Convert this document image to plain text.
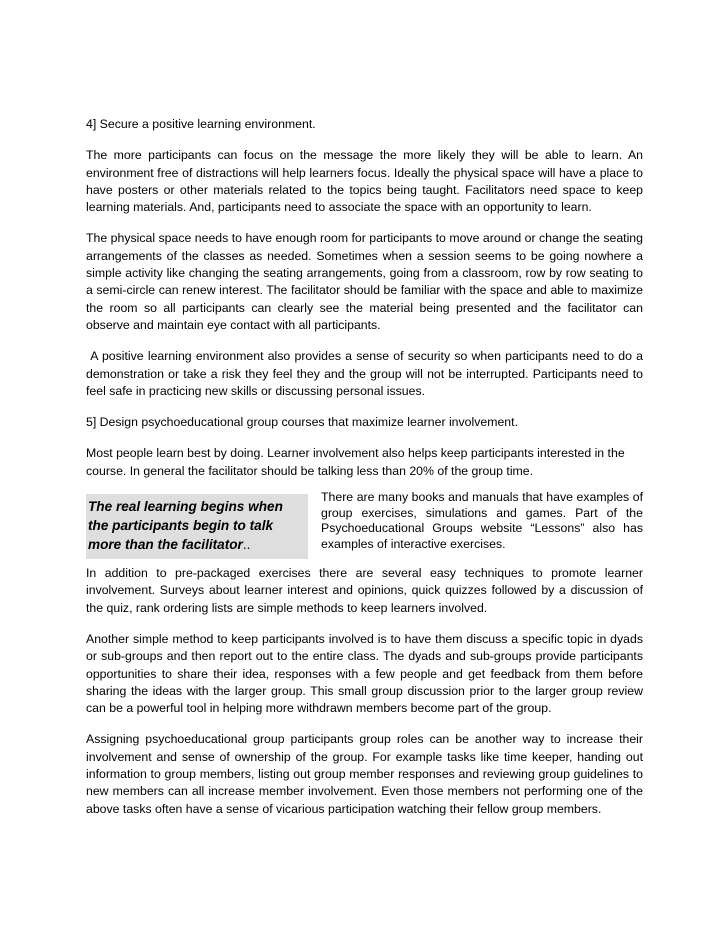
4] Secure a positive learning environment.

The more participants can focus on the message the more likely they will be able to learn. An environment free of distractions will help learners focus. Ideally the physical space will have a place to have posters or other materials related to the topics being taught. Facilitators need space to keep learning materials. And, participants need to associate the space with an opportunity to learn.

The physical space needs to have enough room for participants to move around or change the seating arrangements of the classes as needed. Sometimes when a session seems to be going nowhere a simple activity like changing the seating arrangements, going from a classroom, row by row seating to a semi-circle can renew interest. The facilitator should be familiar with the space and able to maximize the room so all participants can clearly see the material being presented and the facilitator can observe and maintain eye contact with all participants.

A positive learning environment also provides a sense of security so when participants need to do a demonstration or take a risk they feel they and the group will not be interrupted. Participants need to feel safe in practicing new skills or discussing personal issues.

5] Design psychoeducational group courses that maximize learner involvement.

Most people learn best by doing. Learner involvement also helps keep participants interested in the course. In general the facilitator should be talking less than 20% of the group time.

The real learning begins when the participants begin to talk more than the facilitator..

There are many books and manuals that have examples of group exercises, simulations and games. Part of the Psychoeducational Groups website “Lessons” also has examples of interactive exercises.

In addition to pre-packaged exercises there are several easy techniques to promote learner involvement. Surveys about learner interest and opinions, quick quizzes followed by a discussion of the quiz, rank ordering lists are simple methods to keep learners involved.

Another simple method to keep participants involved is to have them discuss a specific topic in dyads or sub-groups and then report out to the entire class. The dyads and sub-groups provide participants opportunities to share their idea, responses with a few people and get feedback from them before sharing the ideas with the larger group. This small group discussion prior to the larger group review can be a powerful tool in helping more withdrawn members become part of the group.

Assigning psychoeducational group participants group roles can be another way to increase their involvement and sense of ownership of the group. For example tasks like time keeper, handing out information to group members, listing out group member responses and reviewing group guidelines to new members can all increase member involvement. Even those members not performing one of the above tasks often have a sense of vicarious participation watching their fellow group members.
